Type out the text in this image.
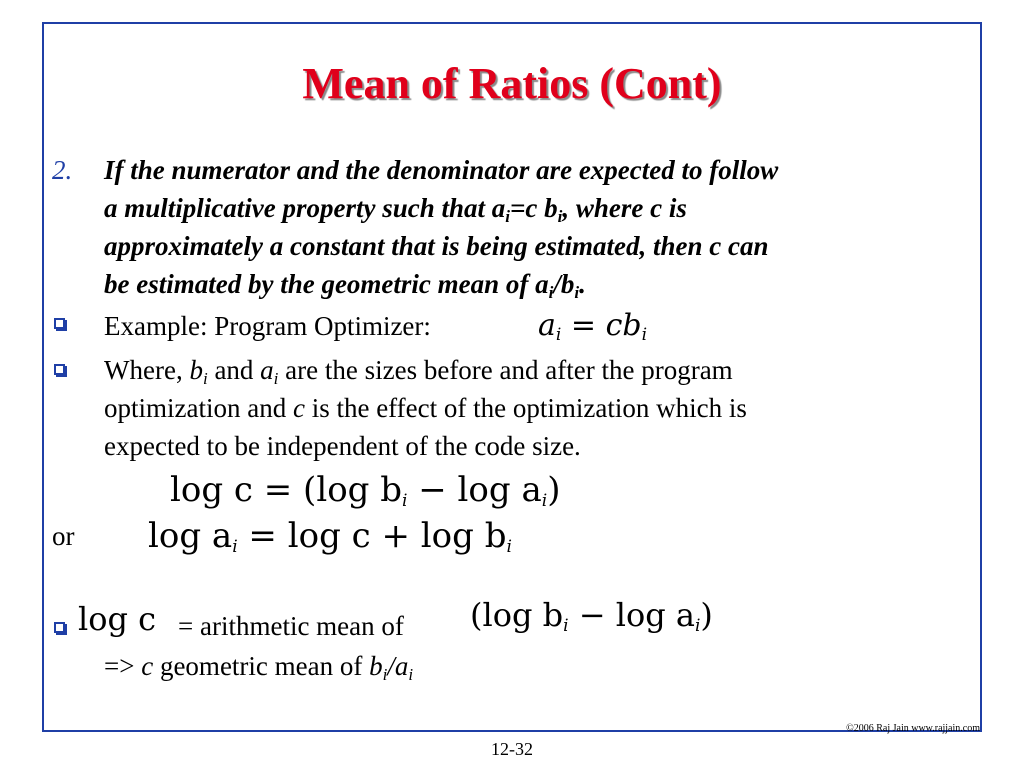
Mean of Ratios (Cont)
2. If the numerator and the denominator are expected to follow
a multiplicative property such that $a_i=c$ $b_i$, where c is
approximately a constant that is being estimated, then c can
be estimated by the geometric mean of $a_i/b_i$.
Example: Program Optimizer:	$a_i = cb_i$
Where, $b_i$ and $a_i$ are the sizes before and after the program
optimization and c is the effect of the optimization which is
expected to be independent of the code size.
log c = (log $b_i - \log a_i$)
or $\log a_i = \log c + \log b_i$
log c = arithmetic mean of (log $b_i - \log a_i$)
=> c geometric mean of $b_i/a_i$
©2006 Raj Jain www.rajjain.com
12-32
